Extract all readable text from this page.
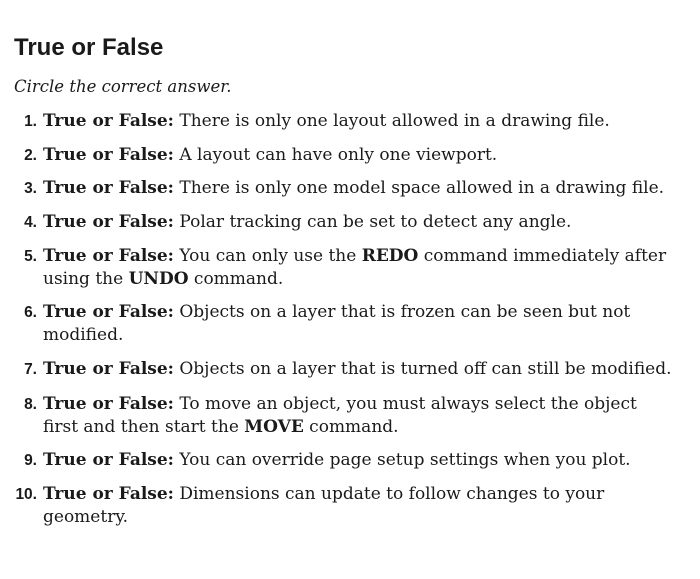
True or False

Circle the correct answer.

1. True or False: There is only one layout allowed in a drawing file.
2. True or False: A layout can have only one viewport.
3. True or False: There is only one model space allowed in a drawing file.
4. True or False: Polar tracking can be set to detect any angle.
5. True or False: You can only use the REDO command immediately after
using the UNDO command.
6. True or False: Objects on a layer that is frozen can be seen but not
modified.
7. True or False: Objects on a layer that is turned off can still be modified.
8. True or False: To move an object, you must always select the object
first and then start the MOVE command.
9. True or False: You can override page setup settings when you plot.
10. True or False: Dimensions can update to follow changes to your
geometry.
